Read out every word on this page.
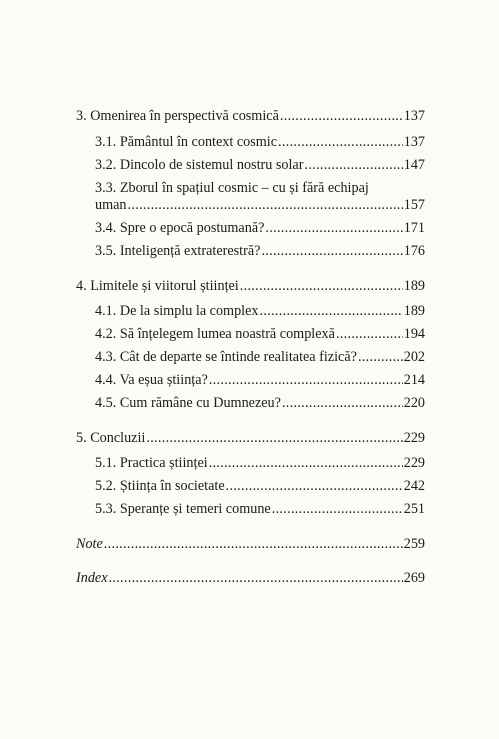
3. Omenirea în perspectivă cosmică .....	137
3.1. Pământul în context cosmic .....	137
3.2. Dincolo de sistemul nostru solar .....	147
3.3. Zborul în spațiul cosmic – cu și fără echipaj
uman .....	157
3.4. Spre o epocă postumană? .....	171
3.5. Inteligență extraterestră? .....	176
4. Limitele și viitorul științei .....	189
4.1. De la simplu la complex .....	189
4.2. Să înțelegem lumea noastră complexă .....	194
4.3. Cât de departe se întinde realitatea fizică? .....	202
4.4. Va eșua știința? .....	214
4.5. Cum rămâne cu Dumnezeu? .....	220
5. Concluzii .....	229
5.1. Practica științei .....	229
5.2. Știința în societate .....	242
5.3. Speranțe și temeri comune .....	251
Note .....	259
Index .....	269
